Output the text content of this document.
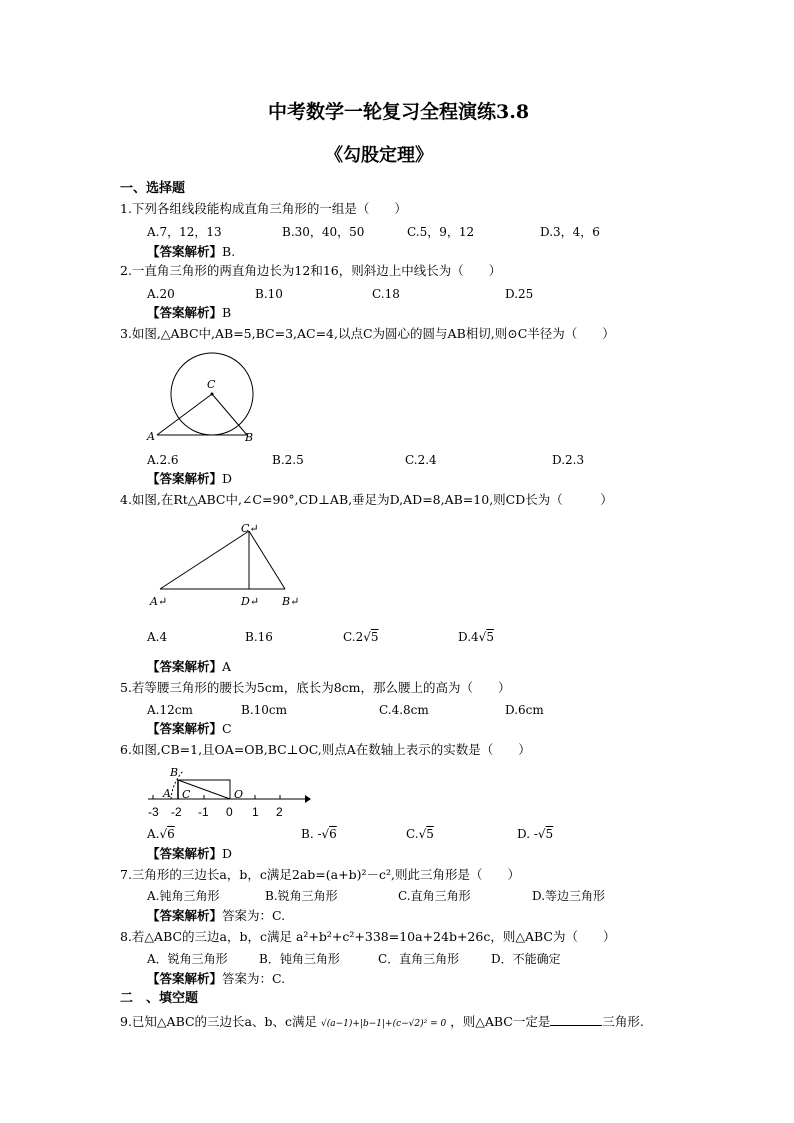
中考数学一轮复习全程演练3.8
《勾股定理》
一、选择题
1.下列各组线段能构成直角三角形的一组是（　　）
A.7，12，13	B.30，40，50	C.5，9，12	D.3，4，6
【答案解析】B.
2.一直角三角形的两直角边长为12和16，则斜边上中线长为（　　）
A.20	B.10	C.18	D.25
【答案解析】B
3.如图,△ABC中,AB=5,BC=3,AC=4,以点C为圆心的圆与AB相切,则⊙C半径为（　　）
C
A	B
A.2.6	B.2.5	C.2.4	D.2.3
【答案解析】D
4.如图,在Rt△ABC中,∠C=90°,CD⊥AB,垂足为D,AD=8,AB=10,则CD长为（　　　）
C↵
A↵	D↵ B↵
A.4	B.16	C.2√5	D.4√5
【答案解析】A
5.若等腰三角形的腰长为5cm，底长为8cm，那么腰上的高为（　　）
A.12cm	B.10cm	C.4.8cm	D.6cm
【答案解析】C
6.如图,CB=1,且OA=OB,BC⊥OC,则点A在数轴上表示的实数是（　　）
B
A C	O
-3 -2 -1 0 1 2
A.√6	B. -√6	C.√5	D. -√5
【答案解析】D
7.三角形的三边长a，b，c满足2ab=(a+b)²－c²,则此三角形是（　　）
A.钝角三角形	B.锐角三角形	C.直角三角形	D.等边三角形
【答案解析】答案为：C.
8.若△ABC的三边a，b，c满足 a²+b²+c²+338=10a+24b+26c，则△ABC为（　　）
A．锐角三角形	B．钝角三角形	C．直角三角形	D．不能确定
【答案解析】答案为：C.
二　、填空题
9.已知△ABC的三边长a、b、c满足 √(a−1)+|b−1|+(c−√2)² = 0 ，则△ABC一定是	三角形.
